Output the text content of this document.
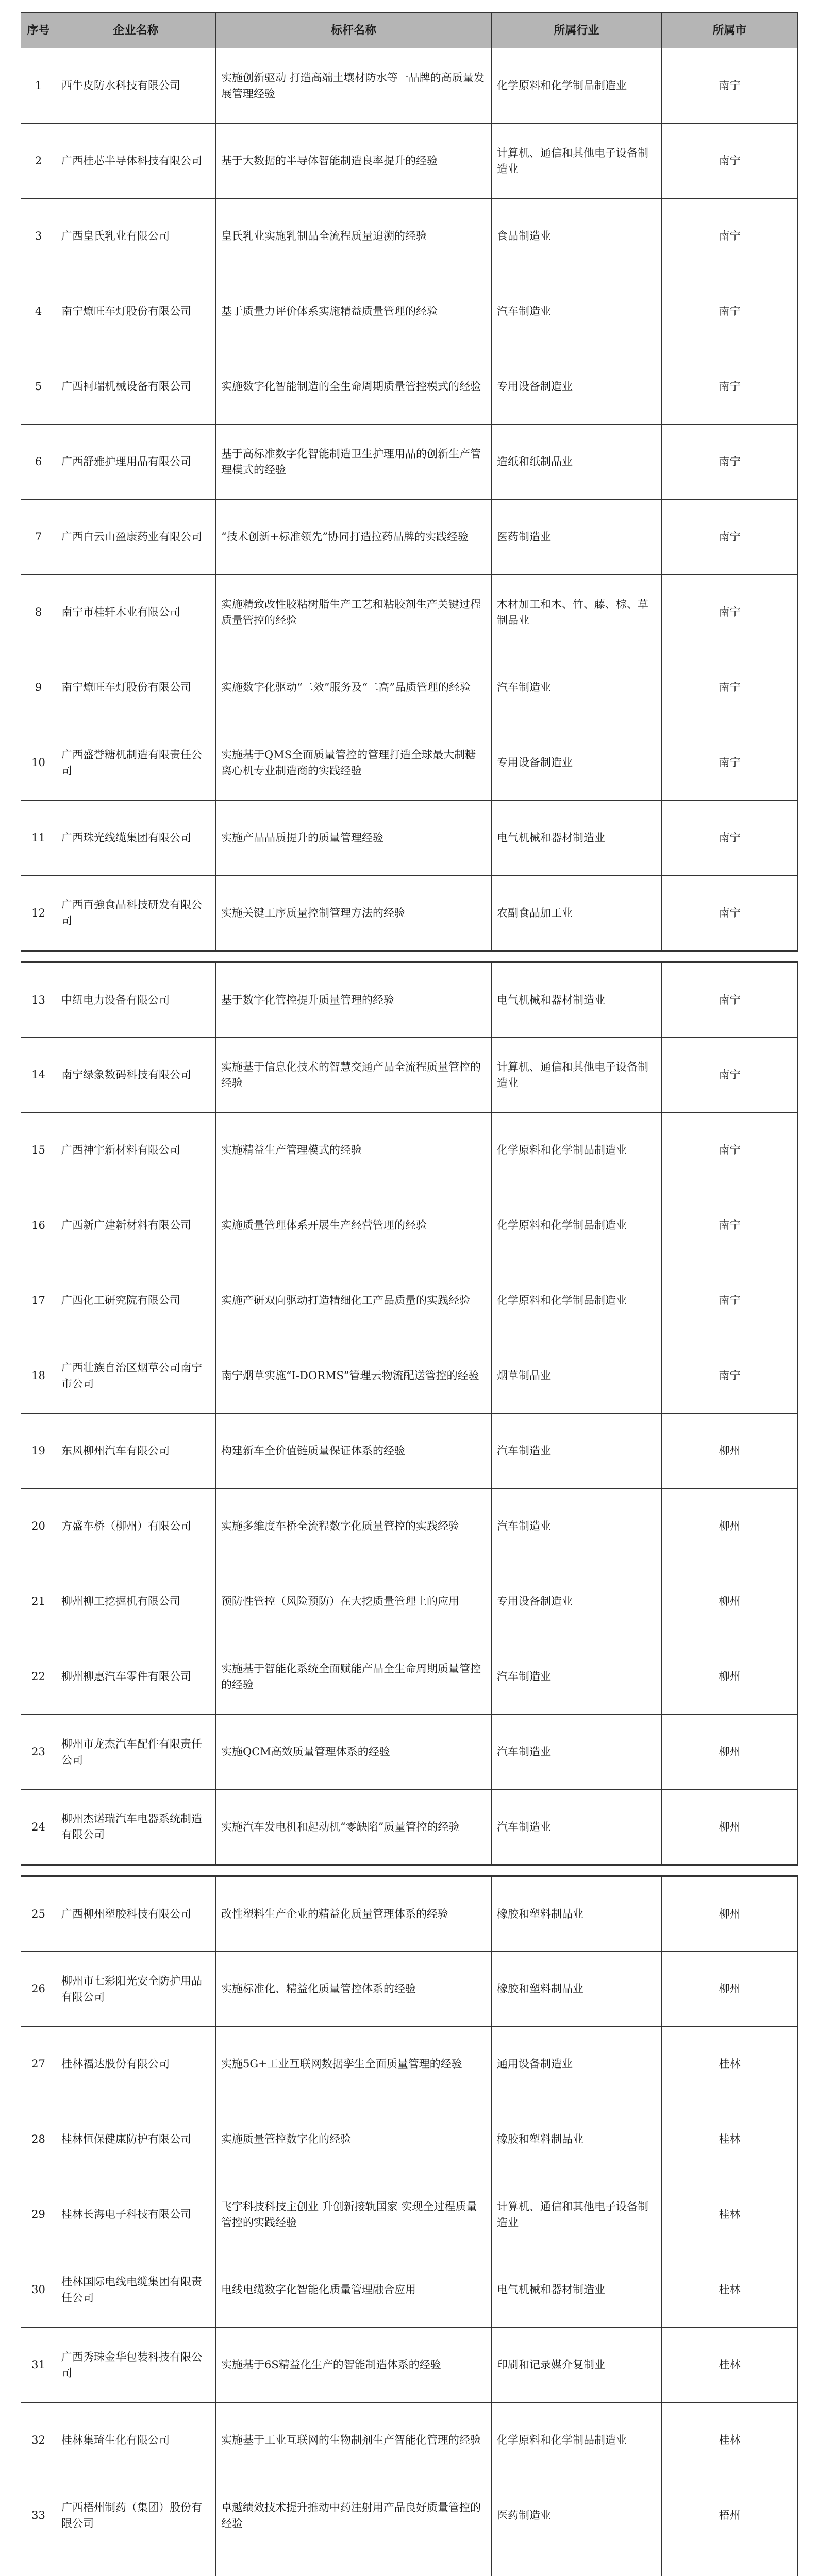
序号	企业名称	标杆名称	所属行业	所属市
1	西牛皮防水科技有限公司	实施创新驱动 打造高端土壤材防水等一品牌的高质量发展管理经验	化学原料和化学制品制造业	南宁
2	广西桂芯半导体科技有限公司	基于大数据的半导体智能制造良率提升的经验	计算机、通信和其他电子设备制造业	南宁
3	广西皇氏乳业有限公司	皇氏乳业实施乳制品全流程质量追溯的经验	食品制造业	南宁
4	南宁燎旺车灯股份有限公司	基于质量力评价体系实施精益质量管理的经验	汽车制造业	南宁
5	广西柯瑞机械设备有限公司	实施数字化智能制造的全生命周期质量管控模式的经验	专用设备制造业	南宁
6	广西舒雅护理用品有限公司	基于高标准数字化智能制造卫生护理用品的创新生产管理模式的经验	造纸和纸制品业	南宁
7	广西白云山盈康药业有限公司	“技术创新+标准领先”协同打造拉药品牌的实践经验	医药制造业	南宁
8	南宁市桂轩木业有限公司	实施精致改性胶粘树脂生产工艺和粘胶剂生产关键过程质量管控的经验	木材加工和木、竹、藤、棕、草制品业	南宁
9	南宁燎旺车灯股份有限公司	实施数字化驱动“二效”服务及“二高”品质管理的经验	汽车制造业	南宁
10	广西盛誉糖机制造有限责任公司	实施基于QMS全面质量管控的管理打造全球最大制糖离心机专业制造商的实践经验	专用设备制造业	南宁
11	广西珠光线缆集团有限公司	实施产品品质提升的质量管理经验	电气机械和器材制造业	南宁
12	广西百強食品科技研发有限公司	实施关键工序质量控制管理方法的经验	农副食品加工业	南宁

13	中纽电力设备有限公司	基于数字化管控提升质量管理的经验	电气机械和器材制造业	南宁
14	南宁绿象数码科技有限公司	实施基于信息化技术的智慧交通产品全流程质量管控的经验	计算机、通信和其他电子设备制造业	南宁
15	广西神宇新材料有限公司	实施精益生产管理模式的经验	化学原料和化学制品制造业	南宁
16	广西新广建新材料有限公司	实施质量管理体系开展生产经营管理的经验	化学原料和化学制品制造业	南宁
17	广西化工研究院有限公司	实施产研双向驱动打造精细化工产品质量的实践经验	化学原料和化学制品制造业	南宁
18	广西壮族自治区烟草公司南宁市公司	南宁烟草实施“I-DORMS”管理云物流配送管控的经验	烟草制品业	南宁
19	东风柳州汽车有限公司	构建新车全价值链质量保证体系的经验	汽车制造业	柳州
20	方盛车桥（柳州）有限公司	实施多维度车桥全流程数字化质量管控的实践经验	汽车制造业	柳州
21	柳州柳工挖掘机有限公司	预防性管控（风险预防）在大挖质量管理上的应用	专用设备制造业	柳州
22	柳州柳惠汽车零件有限公司	实施基于智能化系统全面赋能产品全生命周期质量管控的经验	汽车制造业	柳州
23	柳州市龙杰汽车配件有限责任公司	实施QCM高效质量管理体系的经验	汽车制造业	柳州
24	柳州杰诺瑞汽车电器系统制造有限公司	实施汽车发电机和起动机“零缺陷”质量管控的经验	汽车制造业	柳州

25	广西柳州塑胶科技有限公司	改性塑料生产企业的精益化质量管理体系的经验	橡胶和塑料制品业	柳州
26	柳州市七彩阳光安全防护用品有限公司	实施标准化、精益化质量管控体系的经验	橡胶和塑料制品业	柳州
27	桂林福达股份有限公司	实施5G+工业互联网数据孪生全面质量管理的经验	通用设备制造业	桂林
28	桂林恒保健康防护有限公司	实施质量管控数字化的经验	橡胶和塑料制品业	桂林
29	桂林长海电子科技有限公司	飞宇科技科技主创业 升创新接轨国家 实现全过程质量管控的实践经验	计算机、通信和其他电子设备制造业	桂林
30	桂林国际电线电缆集团有限责任公司	电线电缆数字化智能化质量管理融合应用	电气机械和器材制造业	桂林
31	广西秀珠金华包装科技有限公司	实施基于6S精益化生产的智能制造体系的经验	印刷和记录媒介复制业	桂林
32	桂林集琦生化有限公司	实施基于工业互联网的生物制剂生产智能化管理的经验	化学原料和化学制品制造业	桂林
33	广西梧州制药（集团）股份有限公司	卓越绩效技术提升推动中药注射用产品良好质量管控的经验	医药制造业	梧州
